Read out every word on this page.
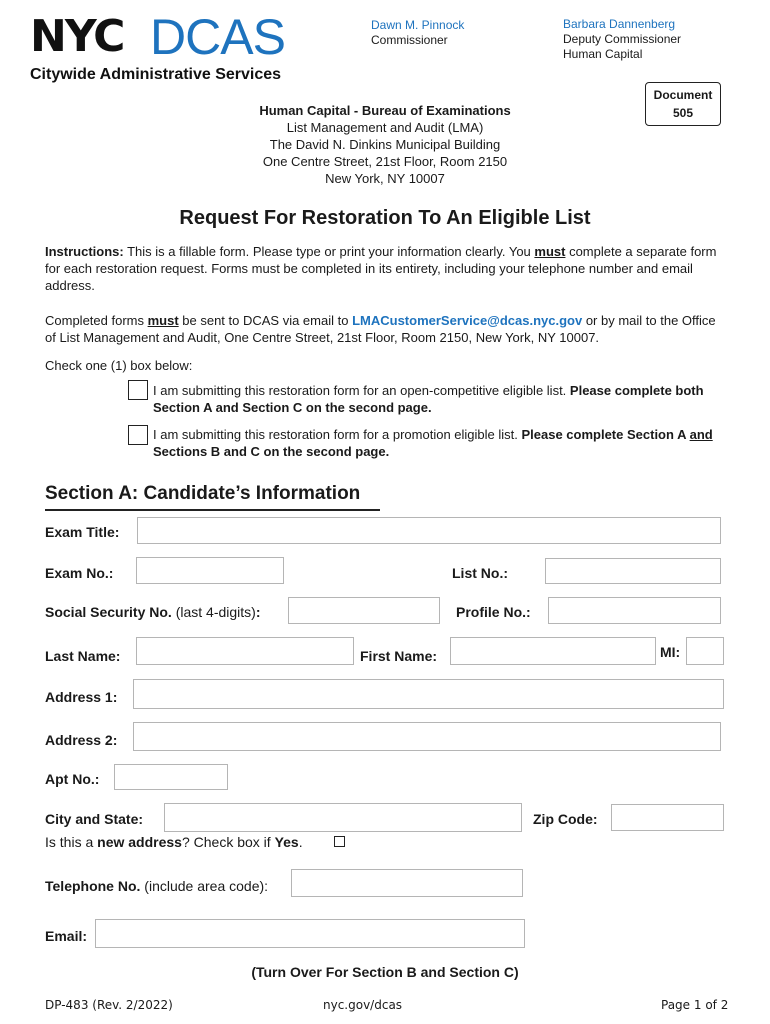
NYC DCAS
Citywide Administrative Services
Dawn M. Pinnock
Commissioner
Barbara Dannenberg
Deputy Commissioner
Human Capital
Document
505
Human Capital - Bureau of Examinations
List Management and Audit (LMA)
The David N. Dinkins Municipal Building
One Centre Street, 21st Floor, Room 2150
New York, NY 10007
Request For Restoration To An Eligible List
Instructions: This is a fillable form. Please type or print your information clearly. You must complete a separate form for each restoration request. Forms must be completed in its entirety, including your telephone number and email address.
Completed forms must be sent to DCAS via email to LMACustomerService@dcas.nyc.gov or by mail to the Office of List Management and Audit, One Centre Street, 21st Floor, Room 2150, New York, NY 10007.
Check one (1) box below:
I am submitting this restoration form for an open-competitive eligible list. Please complete both Section A and Section C on the second page.
I am submitting this restoration form for a promotion eligible list. Please complete Section A and Sections B and C on the second page.
Section A: Candidate’s Information
Exam Title:
Exam No.:	List No.:
Social Security No. (last 4-digits):	Profile No.:
Last Name:	First Name:	MI:
Address 1:
Address 2:
Apt No.:
City and State:	Zip Code:
Is this a new address? Check box if Yes.
Telephone No. (include area code):
Email:
(Turn Over For Section B and Section C)
DP-483 (Rev. 2/2022)	nyc.gov/dcas	Page 1 of 2
